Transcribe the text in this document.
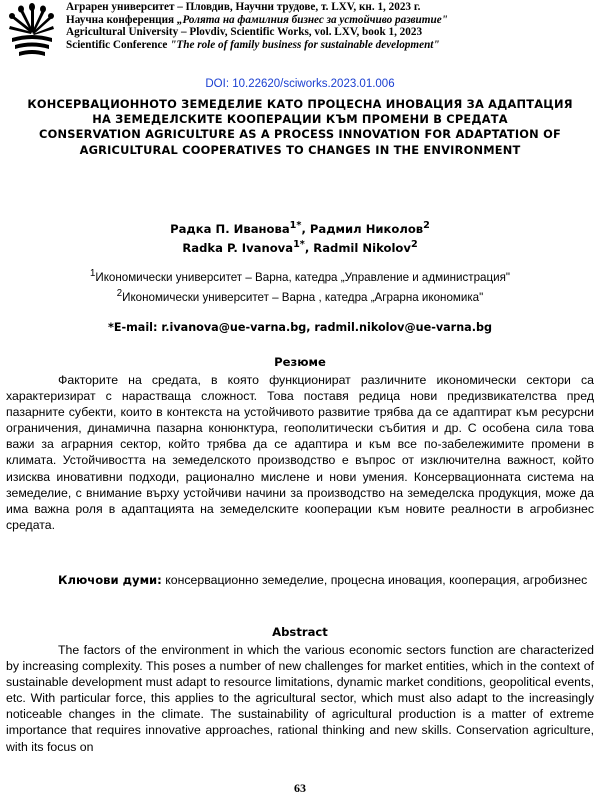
Аграрен университет – Пловдив, Научни трудове, т. LXV, кн. 1, 2023 г.
Научна конференция „Ролята на фамилния бизнес за устойчиво развитие"
Agricultural University – Plovdiv, Scientific Works, vol. LXV, book 1, 2023
Scientific Conference "The role of family business for sustainable development"
DOI: 10.22620/sciworks.2023.01.006
КОНСЕРВАЦИОННОТО ЗЕМЕДЕЛИЕ КАТО ПРОЦЕСНА ИНОВАЦИЯ ЗА АДАПТАЦИЯ НА ЗЕМЕДЕЛСКИТЕ КООПЕРАЦИИ КЪМ ПРОМЕНИ В СРЕДАТА
CONSERVATION AGRICULTURE AS A PROCESS INNOVATION FOR ADAPTATION OF AGRICULTURAL COOPERATIVES TO CHANGES IN THE ENVIRONMENT
Радка П. Иванова$^{1*}$, Радмил Николов$^2$
Radka P. Ivanova$^{1*}$, Radmil Nikolov$^2$
$^1$Икономически университет – Варна, катедра „Управление и администрация"
$^2$Икономически университет – Варна , катедра „Аграрна икономика"
*E-mail: r.ivanova@ue-varna.bg, radmil.nikolov@ue-varna.bg
Резюме
Факторите на средата, в която функционират различните икономически сектори са характеризират с нарастваща сложност. Това поставя редица нови предизвикателства пред пазарните субекти, които в контекста на устойчивото развитие трябва да се адаптират към ресурсни ограничения, динамична пазарна конюнктура, геополитически събития и др. С особена сила това важи за аграрния сектор, който трябва да се адаптира и към все по-забележимите промени в климата. Устойчивостта на земеделското производство е въпрос от изключителна важност, който изисква иновативни подходи, рационално мислене и нови умения. Консервационната система на земеделие, с внимание върху устойчиви начини за производство на земеделска продукция, може да има важна роля в адаптацията на земеделските кооперации към новите реалности в агробизнес средата.
Ключови думи: консервационно земеделие, процесна иновация, кооперация, агробизнес
Abstract
The factors of the environment in which the various economic sectors function are characterized by increasing complexity. This poses a number of new challenges for market entities, which in the context of sustainable development must adapt to resource limitations, dynamic market conditions, geopolitical events, etc. With particular force, this applies to the agricultural sector, which must also adapt to the increasingly noticeable changes in the climate. The sustainability of agricultural production is a matter of extreme importance that requires innovative approaches, rational thinking and new skills. Conservation agriculture, with its focus on
63
